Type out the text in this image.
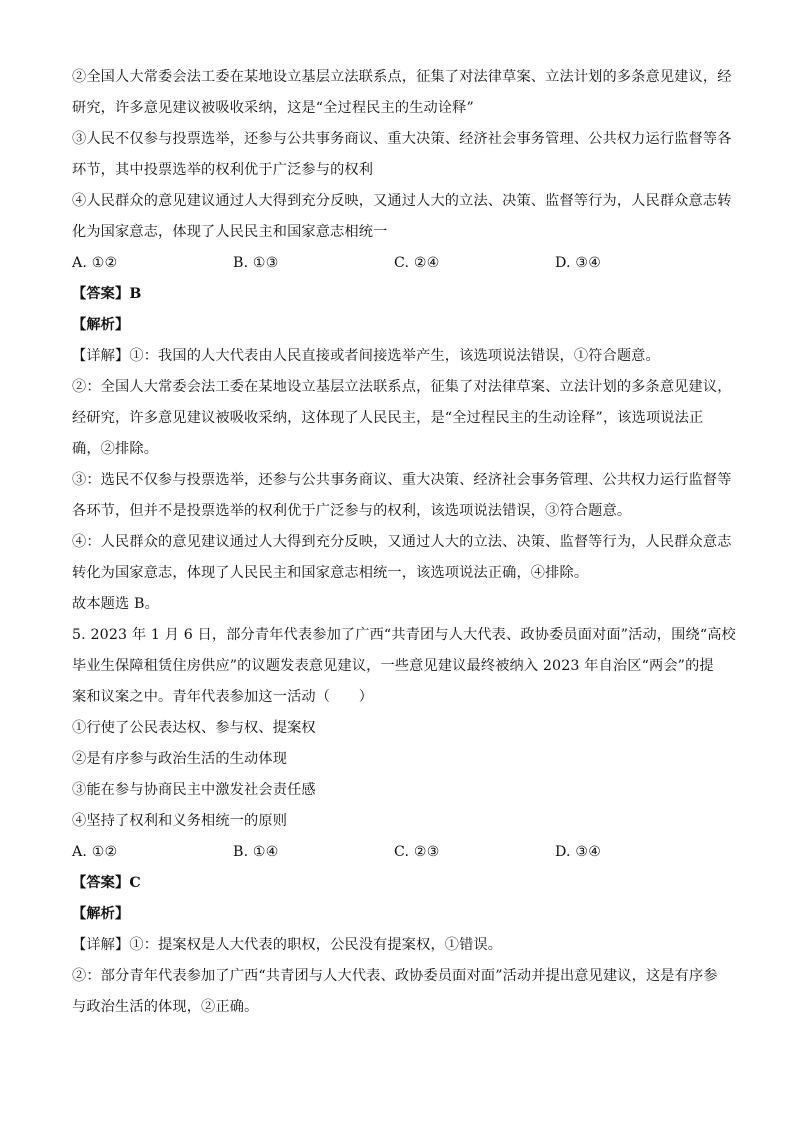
②全国人大常委会法工委在某地设立基层立法联系点，征集了对法律草案、立法计划的多条意见建议，经
研究，许多意见建议被吸收采纳，这是“全过程民主的生动诠释”
③人民不仅参与投票选举，还参与公共事务商议、重大决策、经济社会事务管理、公共权力运行监督等各
环节，其中投票选举的权利优于广泛参与的权利
④人民群众的意见建议通过人大得到充分反映，又通过人大的立法、决策、监督等行为，人民群众意志转
化为国家意志，体现了人民民主和国家意志相统一
A. ①②	B. ①③	C. ②④	D. ③④
【答案】B
【解析】
【详解】①：我国的人大代表由人民直接或者间接选举产生，该选项说法错误，①符合题意。
②：全国人大常委会法工委在某地设立基层立法联系点，征集了对法律草案、立法计划的多条意见建议，
经研究，许多意见建议被吸收采纳，这体现了人民民主，是“全过程民主的生动诠释”，该选项说法正
确，②排除。
③：选民不仅参与投票选举，还参与公共事务商议、重大决策、经济社会事务管理、公共权力运行监督等
各环节，但并不是投票选举的权利优于广泛参与的权利，该选项说法错误，③符合题意。
④：人民群众的意见建议通过人大得到充分反映，又通过人大的立法、决策、监督等行为，人民群众意志
转化为国家意志，体现了人民民主和国家意志相统一，该选项说法正确，④排除。
故本题选 B。
5. 2023 年 1 月 6 日，部分青年代表参加了广西“共青团与人大代表、政协委员面对面”活动，围绕“高校
毕业生保障租赁住房供应”的议题发表意见建议，一些意见建议最终被纳入 2023 年自治区“两会”的提
案和议案之中。青年代表参加这一活动（　　）
①行使了公民表达权、参与权、提案权
②是有序参与政治生活的生动体现
③能在参与协商民主中激发社会责任感
④坚持了权利和义务相统一的原则
A. ①②	B. ①④	C. ②③	D. ③④
【答案】C
【解析】
【详解】①：提案权是人大代表的职权，公民没有提案权，①错误。
②：部分青年代表参加了广西“共青团与人大代表、政协委员面对面”活动并提出意见建议，这是有序参
与政治生活的体现，②正确。
